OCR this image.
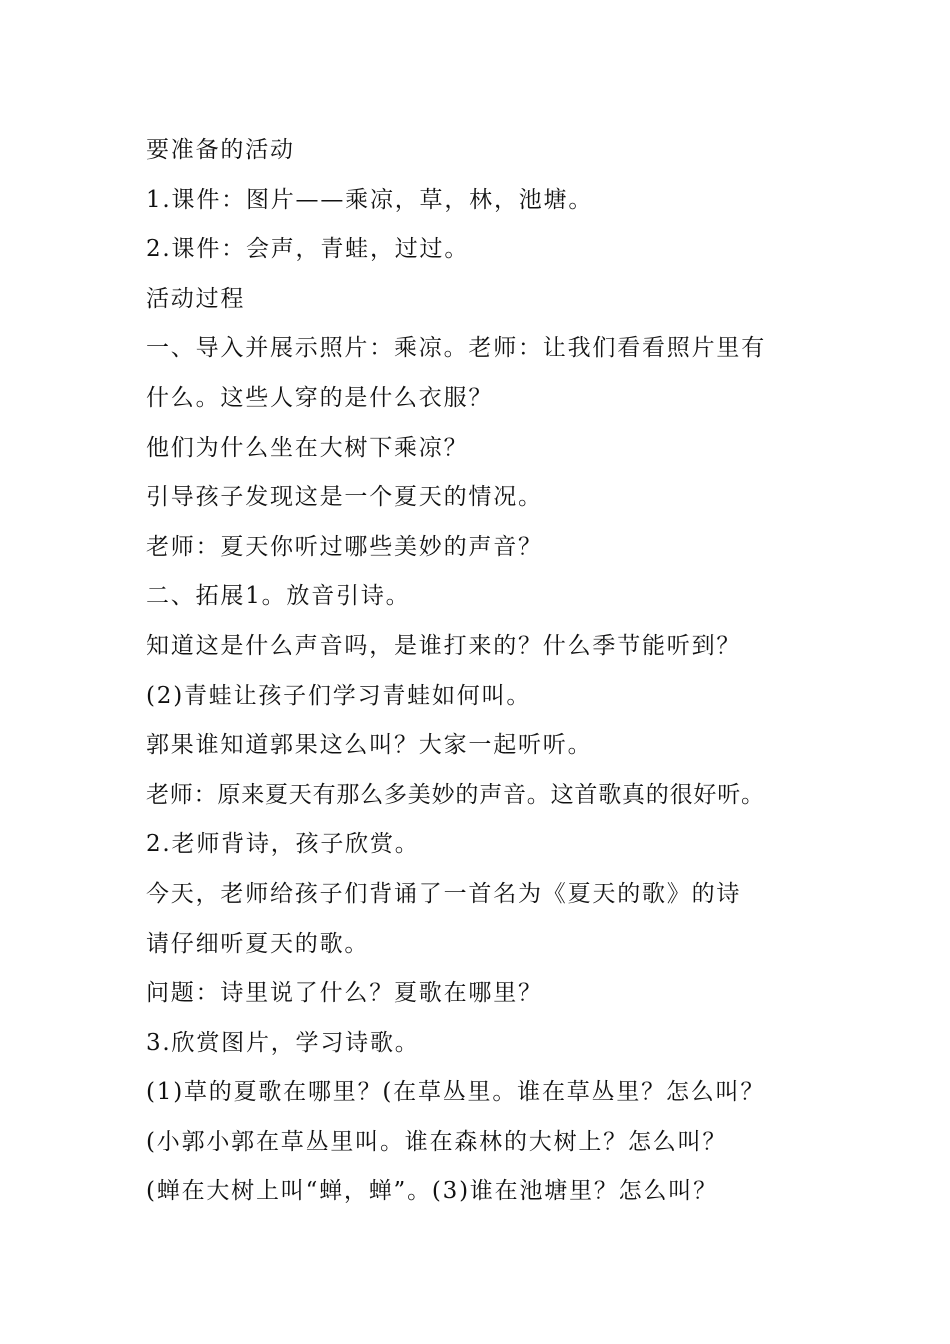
要准备的活动
1.课件：图片——乘凉，草，林，池塘。
2.课件：会声，青蛙，过过。
活动过程
一、导入并展示照片：乘凉。老师：让我们看看照片里有
什么。这些人穿的是什么衣服？
他们为什么坐在大树下乘凉？
引导孩子发现这是一个夏天的情况。
老师：夏天你听过哪些美妙的声音？
二、拓展1。放音引诗。
知道这是什么声音吗，是谁打来的？什么季节能听到？
(2)青蛙让孩子们学习青蛙如何叫。
郭果谁知道郭果这么叫？大家一起听听。
老师：原来夏天有那么多美妙的声音。这首歌真的很好听。
2.老师背诗，孩子欣赏。
今天，老师给孩子们背诵了一首名为《夏天的歌》的诗
请仔细听夏天的歌。
问题：诗里说了什么？夏歌在哪里？
3.欣赏图片，学习诗歌。
(1)草的夏歌在哪里？(在草丛里。谁在草丛里？怎么叫？
(小郭小郭在草丛里叫。谁在森林的大树上？怎么叫？
(蝉在大树上叫“蝉，蝉”。(3)谁在池塘里？怎么叫？
